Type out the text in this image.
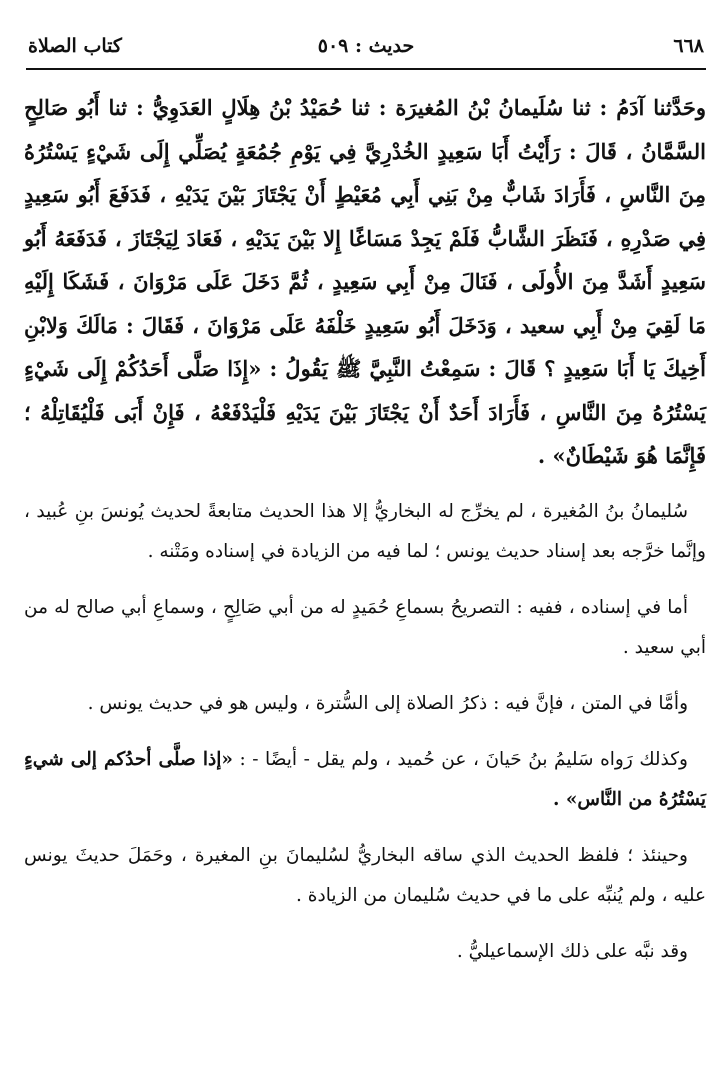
٦٦٨
حديث : ٥٠٩
كتاب الصلاة
وحَدَّثنا آدَمُ : ثنا سُلَيمانُ بْنُ المُغيرَة : ثنا حُمَيْدُ بْنُ هِلَالٍ العَدَوِيُّ : ثنا أَبُو صَالِحٍ السَّمَّانُ ، قَالَ : رَأَيْتُ أَبَا سَعِيدٍ الخُدْرِيَّ فِي يَوْمِ جُمُعَةٍ يُصَلِّي إِلَى شَيْءٍ يَسْتُرُهُ مِنَ النَّاسِ ، فَأَرَادَ شَابٌّ مِنْ بَنِي أَبِي مُعَيْطٍ أَنْ يَجْتَازَ بَيْنَ يَدَيْهِ ، فَدَفَعَ أَبُو سَعِيدٍ فِي صَدْرِهِ ، فَنَظَرَ الشَّابُّ فَلَمْ يَجِدْ مَسَاغًا إِلا بَيْنَ يَدَيْهِ ، فَعَادَ لِيَجْتَازَ ، فَدَفَعَهُ أَبُو سَعِيدٍ أَشَدَّ مِنَ الأُولَى ، فَنَالَ مِنْ أَبِي سَعِيدٍ ، ثُمَّ دَخَلَ عَلَى مَرْوَانَ ، فَشَكَا إِلَيْهِ مَا لَقِيَ مِنْ أَبِي سعيد ، وَدَخَلَ أَبُو سَعِيدٍ خَلْفَهُ عَلَى مَرْوَانَ ، فَقَالَ : مَالَكَ وَلابْنِ أَخِيكَ يَا أَبَا سَعِيدٍ ؟ قَالَ : سَمِعْتُ النَّبِيَّ ﷺ يَقُولُ : «إِذَا صَلَّى أَحَدُكُمْ إِلَى شَيْءٍ يَسْتُرُهُ مِنَ النَّاسِ ، فَأَرَادَ أَحَدٌ أَنْ يَجْتَازَ بَيْنَ يَدَيْهِ فَلْيَدْفَعْهُ ، فَإِنْ أَبَى فَلْيُقَاتِلْهُ ؛ فَإِنَّمَا هُوَ شَيْطَانٌ» .

سُليمانُ بنُ المُغيرة ، لم يخرِّج له البخاريُّ إلا هذا الحديث متابعةً لحديث يُونسَ بنِ عُبيد ، وإنَّما خرَّجه بعد إسناد حديث يونس ؛ لما فيه من الزيادة في إسناده ومَتْنه .

أما في إسناده ، ففيه : التصريحُ بسماعِ حُمَيدٍ له من أبي صَالِحٍ ، وسماعِ أبي صالح له من أبي سعيد .

وأمَّا في المتن ، فإنَّ فيه : ذكرُ الصلاة إلى السُّترة ، وليس هو في حديث يونس .

وكذلك رَواه سَليمُ بنُ حَيانَ ، عن حُميد ، ولم يقل - أيضًا - : «إذا صلَّى أحدُكم إلى شيءٍ يَسْتُرُهُ من النَّاس» .

وحينئذ ؛ فلفظ الحديث الذي ساقه البخاريُّ لسُليمانَ بنِ المغيرة ، وحَمَلَ حديثَ يونس عليه ، ولم يُنبِّه على ما في حديث سُليمان من الزيادة .

وقد نبَّه على ذلك الإسماعيليُّ .
